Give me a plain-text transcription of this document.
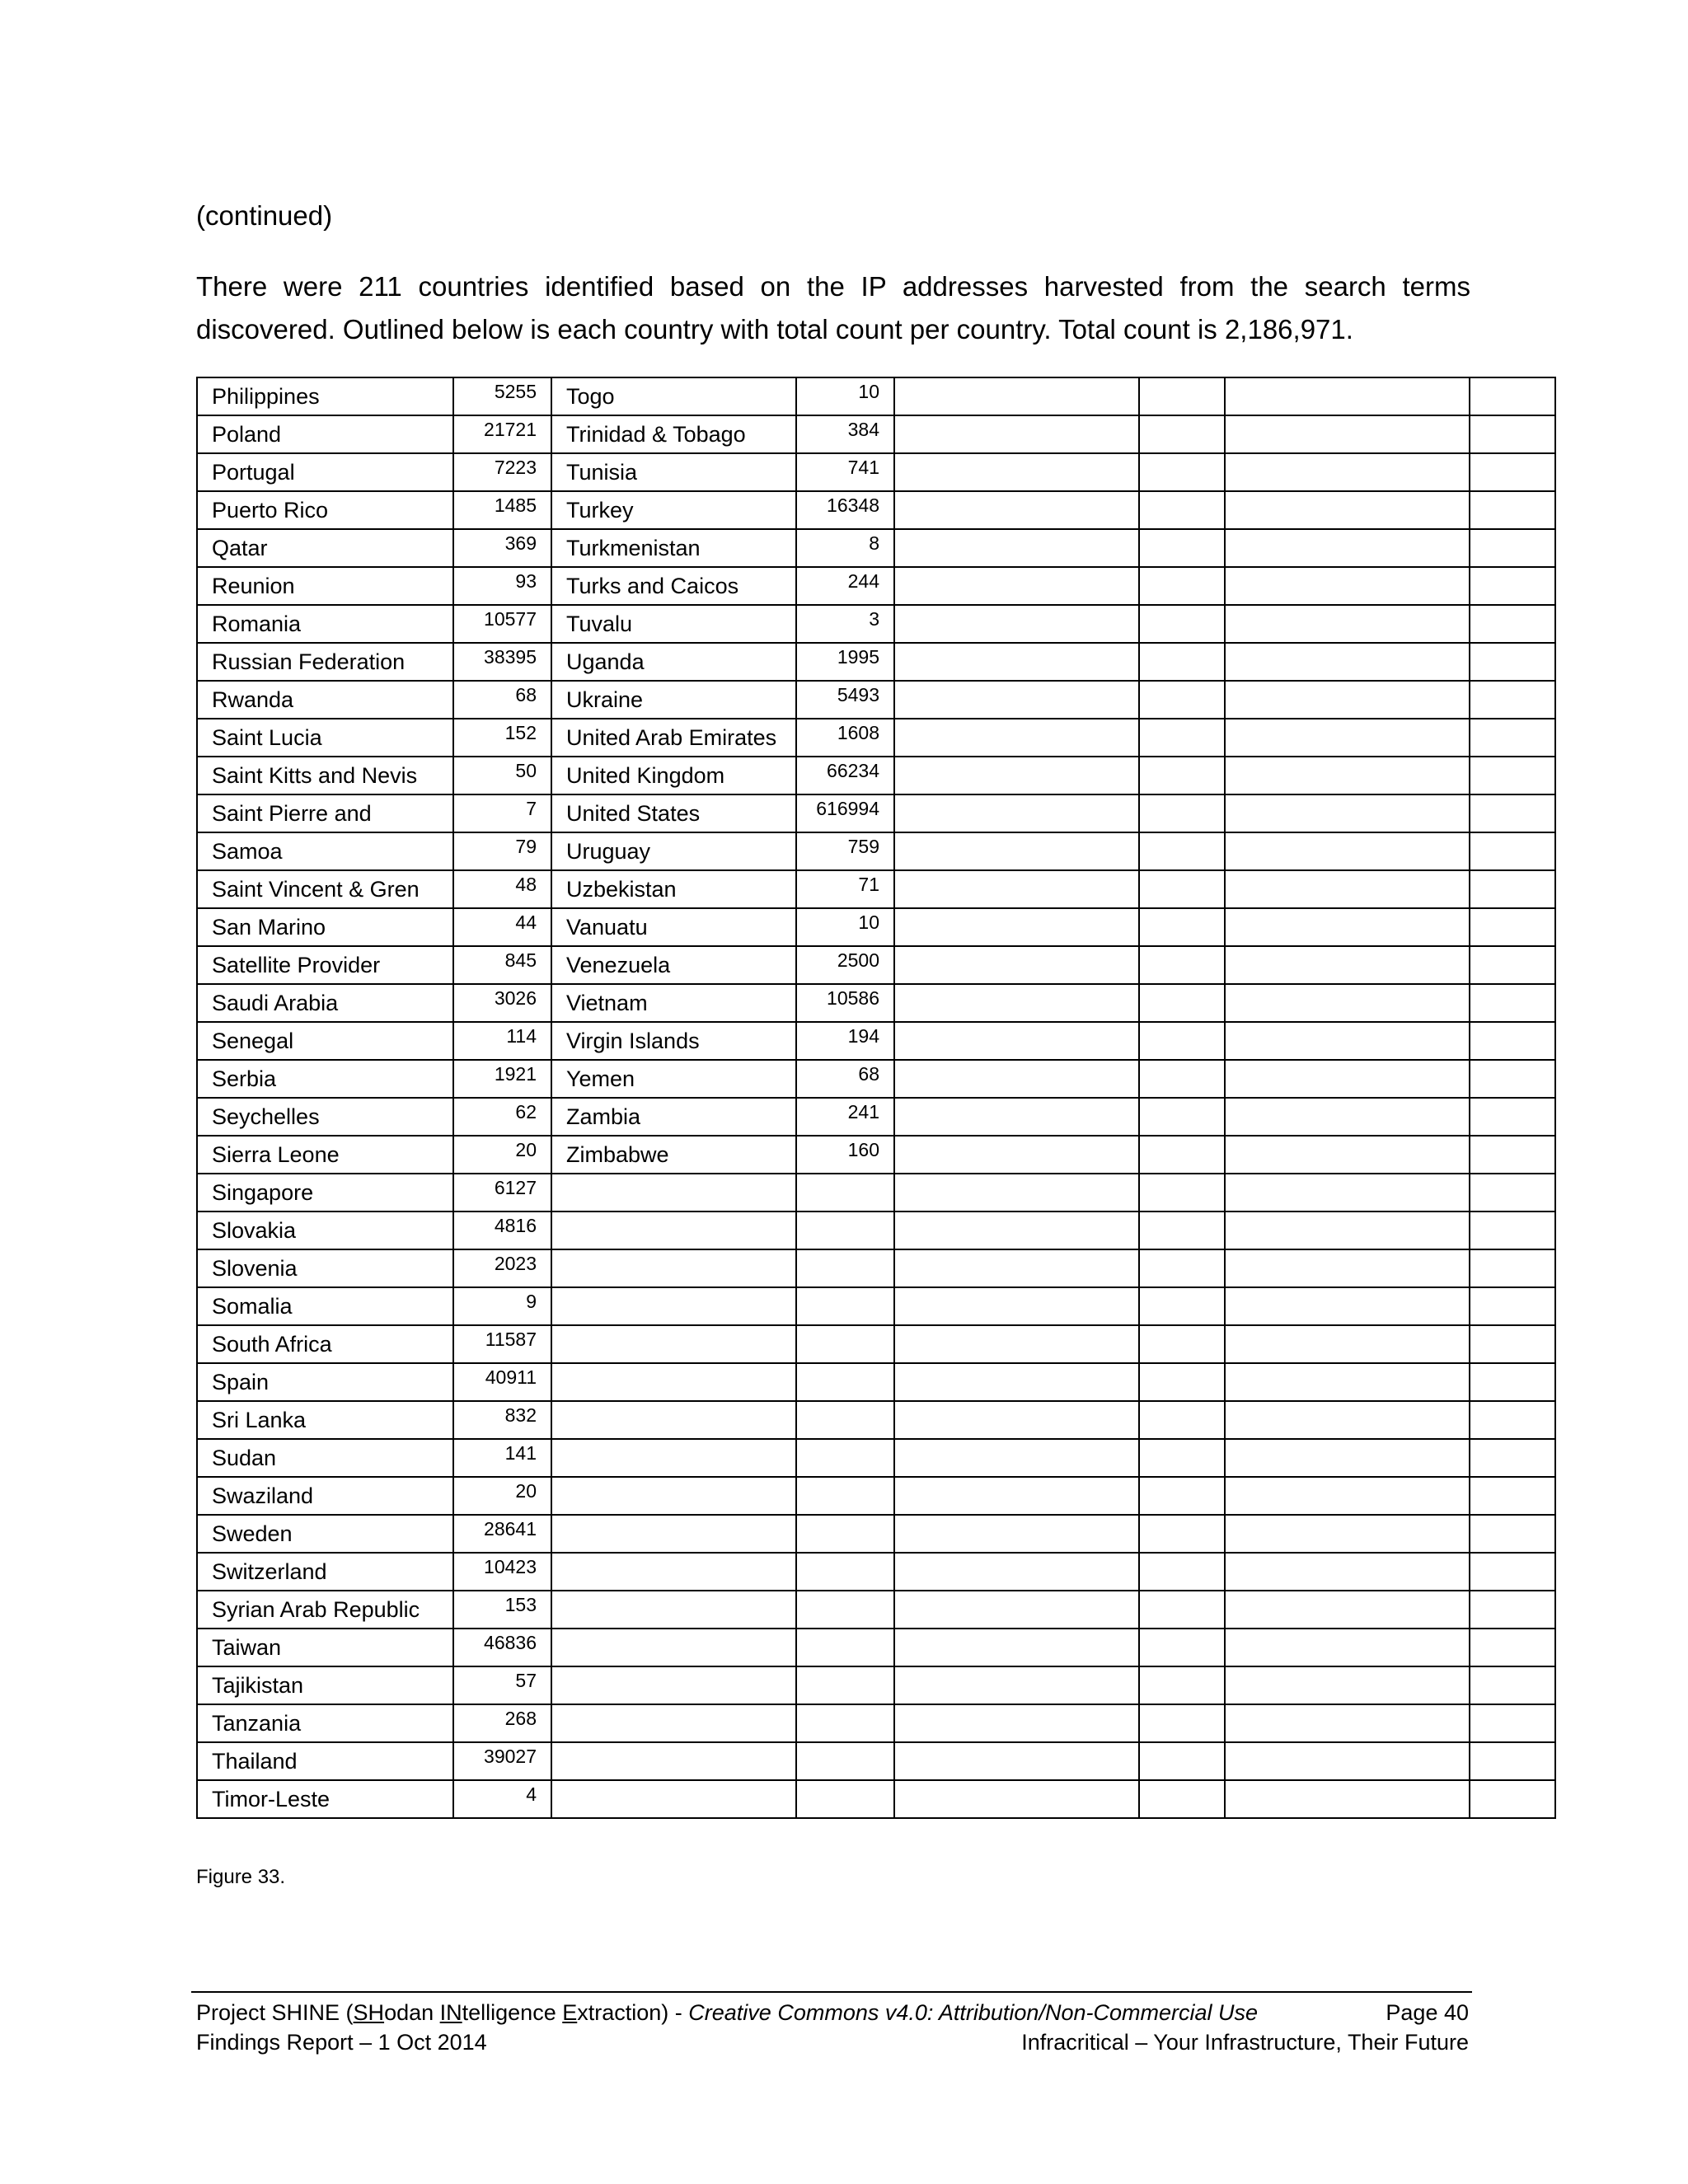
(continued)
There were 211 countries identified based on the IP addresses harvested from the search terms discovered. Outlined below is each country with total count per country. Total count is 2,186,971.
Philippines	5255	Togo	10				
Poland	21721	Trinidad & Tobago	384				
Portugal	7223	Tunisia	741				
Puerto Rico	1485	Turkey	16348				
Qatar	369	Turkmenistan	8				
Reunion	93	Turks and Caicos	244				
Romania	10577	Tuvalu	3				
Russian Federation	38395	Uganda	1995				
Rwanda	68	Ukraine	5493				
Saint Lucia	152	United Arab Emirates	1608				
Saint Kitts and Nevis	50	United Kingdom	66234				
Saint Pierre and	7	United States	616994				
Samoa	79	Uruguay	759				
Saint Vincent & Gren	48	Uzbekistan	71				
San Marino	44	Vanuatu	10				
Satellite Provider	845	Venezuela	2500				
Saudi Arabia	3026	Vietnam	10586				
Senegal	114	Virgin Islands	194				
Serbia	1921	Yemen	68				
Seychelles	62	Zambia	241				
Sierra Leone	20	Zimbabwe	160				
Singapore	6127						
Slovakia	4816						
Slovenia	2023						
Somalia	9						
South Africa	11587						
Spain	40911						
Sri Lanka	832						
Sudan	141						
Swaziland	20						
Sweden	28641						
Switzerland	10423						
Syrian Arab Republic	153						
Taiwan	46836						
Tajikistan	57						
Tanzania	268						
Thailand	39027						
Timor-Leste	4						
Figure 33.
Project SHINE (SHodan INtelligence Extraction) - Creative Commons v4.0: Attribution/Non-Commercial Use	Page 40
Findings Report – 1 Oct 2014	Infracritical – Your Infrastructure, Their Future
